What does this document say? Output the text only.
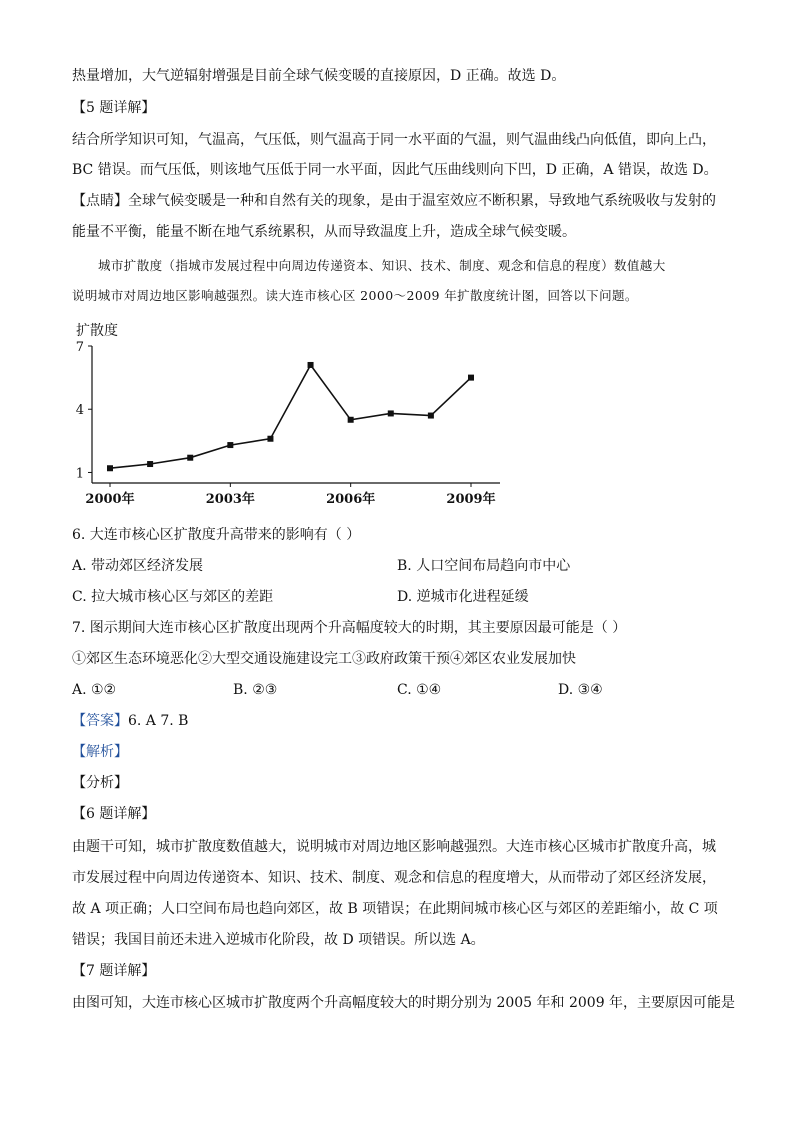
热量增加，大气逆辐射增强是目前全球气候变暖的直接原因，D 正确。故选 D。
【5 题详解】
结合所学知识可知，气温高，气压低，则气温高于同一水平面的气温，则气温曲线凸向低值，即向上凸，
BC 错误。而气压低，则该地气压低于同一水平面，因此气压曲线则向下凹，D 正确，A 错误，故选 D。
【点睛】全球气候变暖是一种和自然有关的现象，是由于温室效应不断积累，导致地气系统吸收与发射的
能量不平衡，能量不断在地气系统累积，从而导致温度上升，造成全球气候变暖。
城市扩散度（指城市发展过程中向周边传递资本、知识、技术、制度、观念和信息的程度）数值越大
说明城市对周边地区影响越强烈。读大连市核心区 2000～2009 年扩散度统计图，回答以下问题。
扩散度
1
4
7
2000年	2003年	2006年	2009年
6. 大连市核心区扩散度升高带来的影响有（ ）
A. 带动郊区经济发展	B. 人口空间布局趋向市中心
C. 拉大城市核心区与郊区的差距	D. 逆城市化进程延缓
7. 图示期间大连市核心区扩散度出现两个升高幅度较大的时期，其主要原因最可能是（ ）
①郊区生态环境恶化②大型交通设施建设完工③政府政策干预④郊区农业发展加快
A. ①②	B. ②③	C. ①④	D. ③④
【答案】6. A 7. B
【解析】
【分析】
【6 题详解】
由题干可知，城市扩散度数值越大，说明城市对周边地区影响越强烈。大连市核心区城市扩散度升高，城
市发展过程中向周边传递资本、知识、技术、制度、观念和信息的程度增大，从而带动了郊区经济发展，
故 A 项正确；人口空间布局也趋向郊区，故 B 项错误；在此期间城市核心区与郊区的差距缩小，故 C 项
错误；我国目前还未进入逆城市化阶段，故 D 项错误。所以选 A。
【7 题详解】
由图可知，大连市核心区城市扩散度两个升高幅度较大的时期分别为 2005 年和 2009 年，主要原因可能是
